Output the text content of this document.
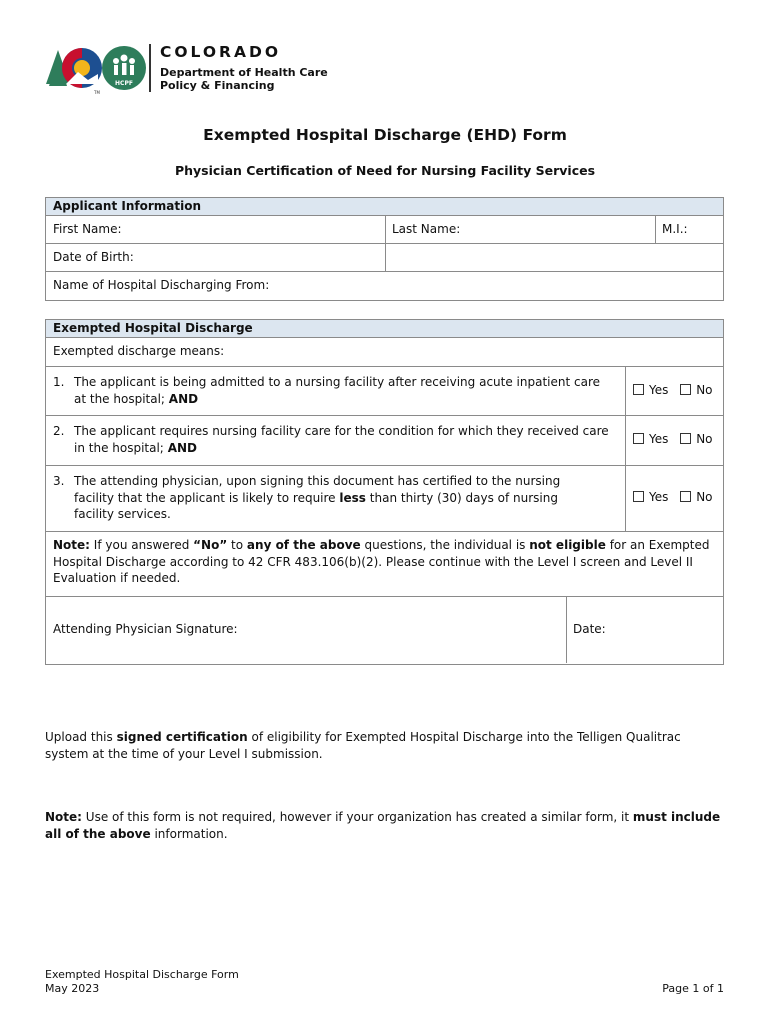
TM
HCPF
COLORADO
Department of Health Care
Policy & Financing
Exempted Hospital Discharge (EHD) Form
Physician Certification of Need for Nursing Facility Services
Applicant Information
First Name:	Last Name:	M.I.:
Date of Birth:
Name of Hospital Discharging From:
Exempted Hospital Discharge
Exempted discharge means:
1. The applicant is being admitted to a nursing facility after receiving acute inpatient care at the hospital; AND
Yes No
2. The applicant requires nursing facility care for the condition for which they received care in the hospital; AND
Yes No
3. The attending physician, upon signing this document has certified to the nursing facility that the applicant is likely to require less than thirty (30) days of nursing facility services.
Yes No
Note: If you answered “No” to any of the above questions, the individual is not eligible for an Exempted Hospital Discharge according to 42 CFR 483.106(b)(2). Please continue with the Level I screen and Level II Evaluation if needed.
Attending Physician Signature:	Date:
Upload this signed certification of eligibility for Exempted Hospital Discharge into the Telligen Qualitrac system at the time of your Level I submission.
Note: Use of this form is not required, however if your organization has created a similar form, it must include all of the above information.
Exempted Hospital Discharge Form
May 2023	Page 1 of 1
